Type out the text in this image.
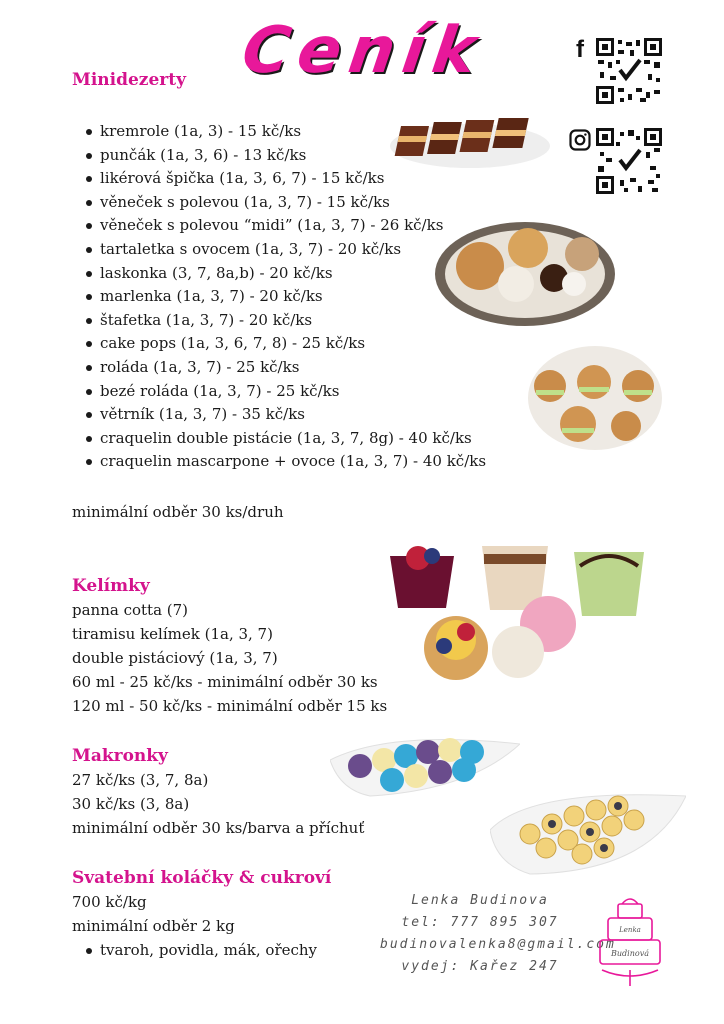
Ceník	f
Minidezerty
kremrole (1a, 3) - 15 kč/ks
punčák (1a, 3, 6) - 13 kč/ks
likérová špička (1a, 3, 6, 7) - 15 kč/ks
věneček s polevou (1a, 3, 7) - 15 kč/ks
věneček s polevou “midi” (1a, 3, 7) - 26 kč/ks
tartaletka s ovocem (1a, 3, 7) - 20 kč/ks
laskonka (3, 7, 8a,b) - 20 kč/ks
marlenka (1a, 3, 7) - 20 kč/ks
štafetka (1a, 3, 7) - 20 kč/ks
cake pops (1a, 3, 6, 7, 8) - 25 kč/ks
roláda (1a, 3, 7) - 25 kč/ks
bezé roláda (1a, 3, 7) - 25 kč/ks
větrník (1a, 3, 7) - 35 kč/ks
craquelin double pistácie (1a, 3, 7, 8g) - 40 kč/ks
craquelin mascarpone + ovoce (1a, 3, 7) - 40 kč/ks
minimální odběr 30 ks/druh
Kelímky
panna cotta (7)
tiramisu kelímek (1a, 3, 7)
double pistáciový (1a, 3, 7)
60 ml - 25 kč/ks - minimální odběr 30 ks
120 ml - 50 kč/ks - minimální odběr 15 ks
Makronky
27 kč/ks (3, 7, 8a)
30 kč/ks (3, 8a)
minimální odběr 30 ks/barva a příchuť
Svatební koláčky & cukroví
700 kč/kg
minimální odběr 2 kg
tvaroh, povidla, mák, ořechy
Lenka Budinova
tel: 777 895 307
budinovalenka8@gmail.com
vydej: Kařez 247
Lenka
Budinová
